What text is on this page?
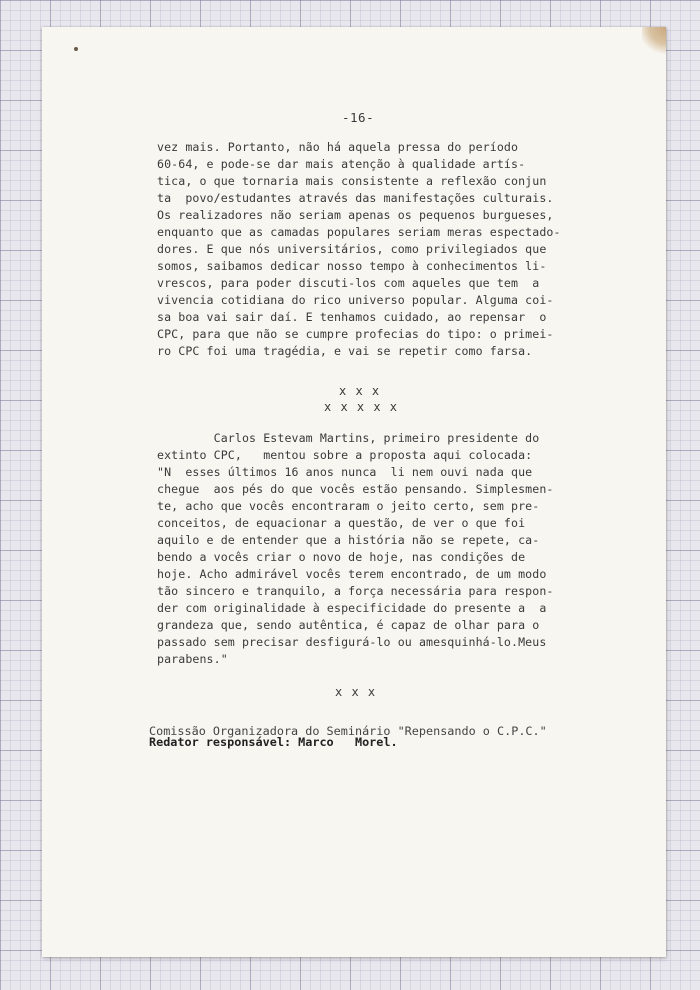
-16-
vez mais. Portanto, não há aquela pressa do período
60-64, e pode-se dar mais atenção à qualidade artís-
tica, o que tornaria mais consistente a reflexão conjun
ta  povo/estudantes através das manifestações culturais.
Os realizadores não seriam apenas os pequenos burgueses,
enquanto que as camadas populares seriam meras espectado-
dores. E que nós universitários, como privilegiados que
somos, saibamos dedicar nosso tempo à conhecimentos li-
vrescos, para poder discuti-los com aqueles que tem  a
vivencia cotidiana do rico universo popular. Alguma coi-
sa boa vai sair daí. E tenhamos cuidado, ao repensar  o
CPC, para que não se cumpre profecias do tipo: o primei-
ro CPC foi uma tragédia, e vai se repetir como farsa.
x x x
x x x x x
Carlos Estevam Martins, primeiro presidente do
extinto CPC,   mentou sobre a proposta aqui colocada:
"N  esses últimos 16 anos nunca  li nem ouvi nada que
chegue  aos pés do que vocês estão pensando. Simplesmen-
te, acho que vocês encontraram o jeito certo, sem pre-
conceitos, de equacionar a questão, de ver o que foi
aquilo e de entender que a história não se repete, ca-
bendo a vocês criar o novo de hoje, nas condições de
hoje. Acho admirável vocês terem encontrado, de um modo
tão sincero e tranquilo, a força necessária para respon-
der com originalidade à especificidade do presente a  a
grandeza que, sendo autêntica, é capaz de olhar para o
passado sem precisar desfigurá-lo ou amesquinhá-lo.Meus
parabens."
x x x
Comissão Organizadora do Seminário "Repensando o C.P.C."
Redator responsável: Marco   Morel.
